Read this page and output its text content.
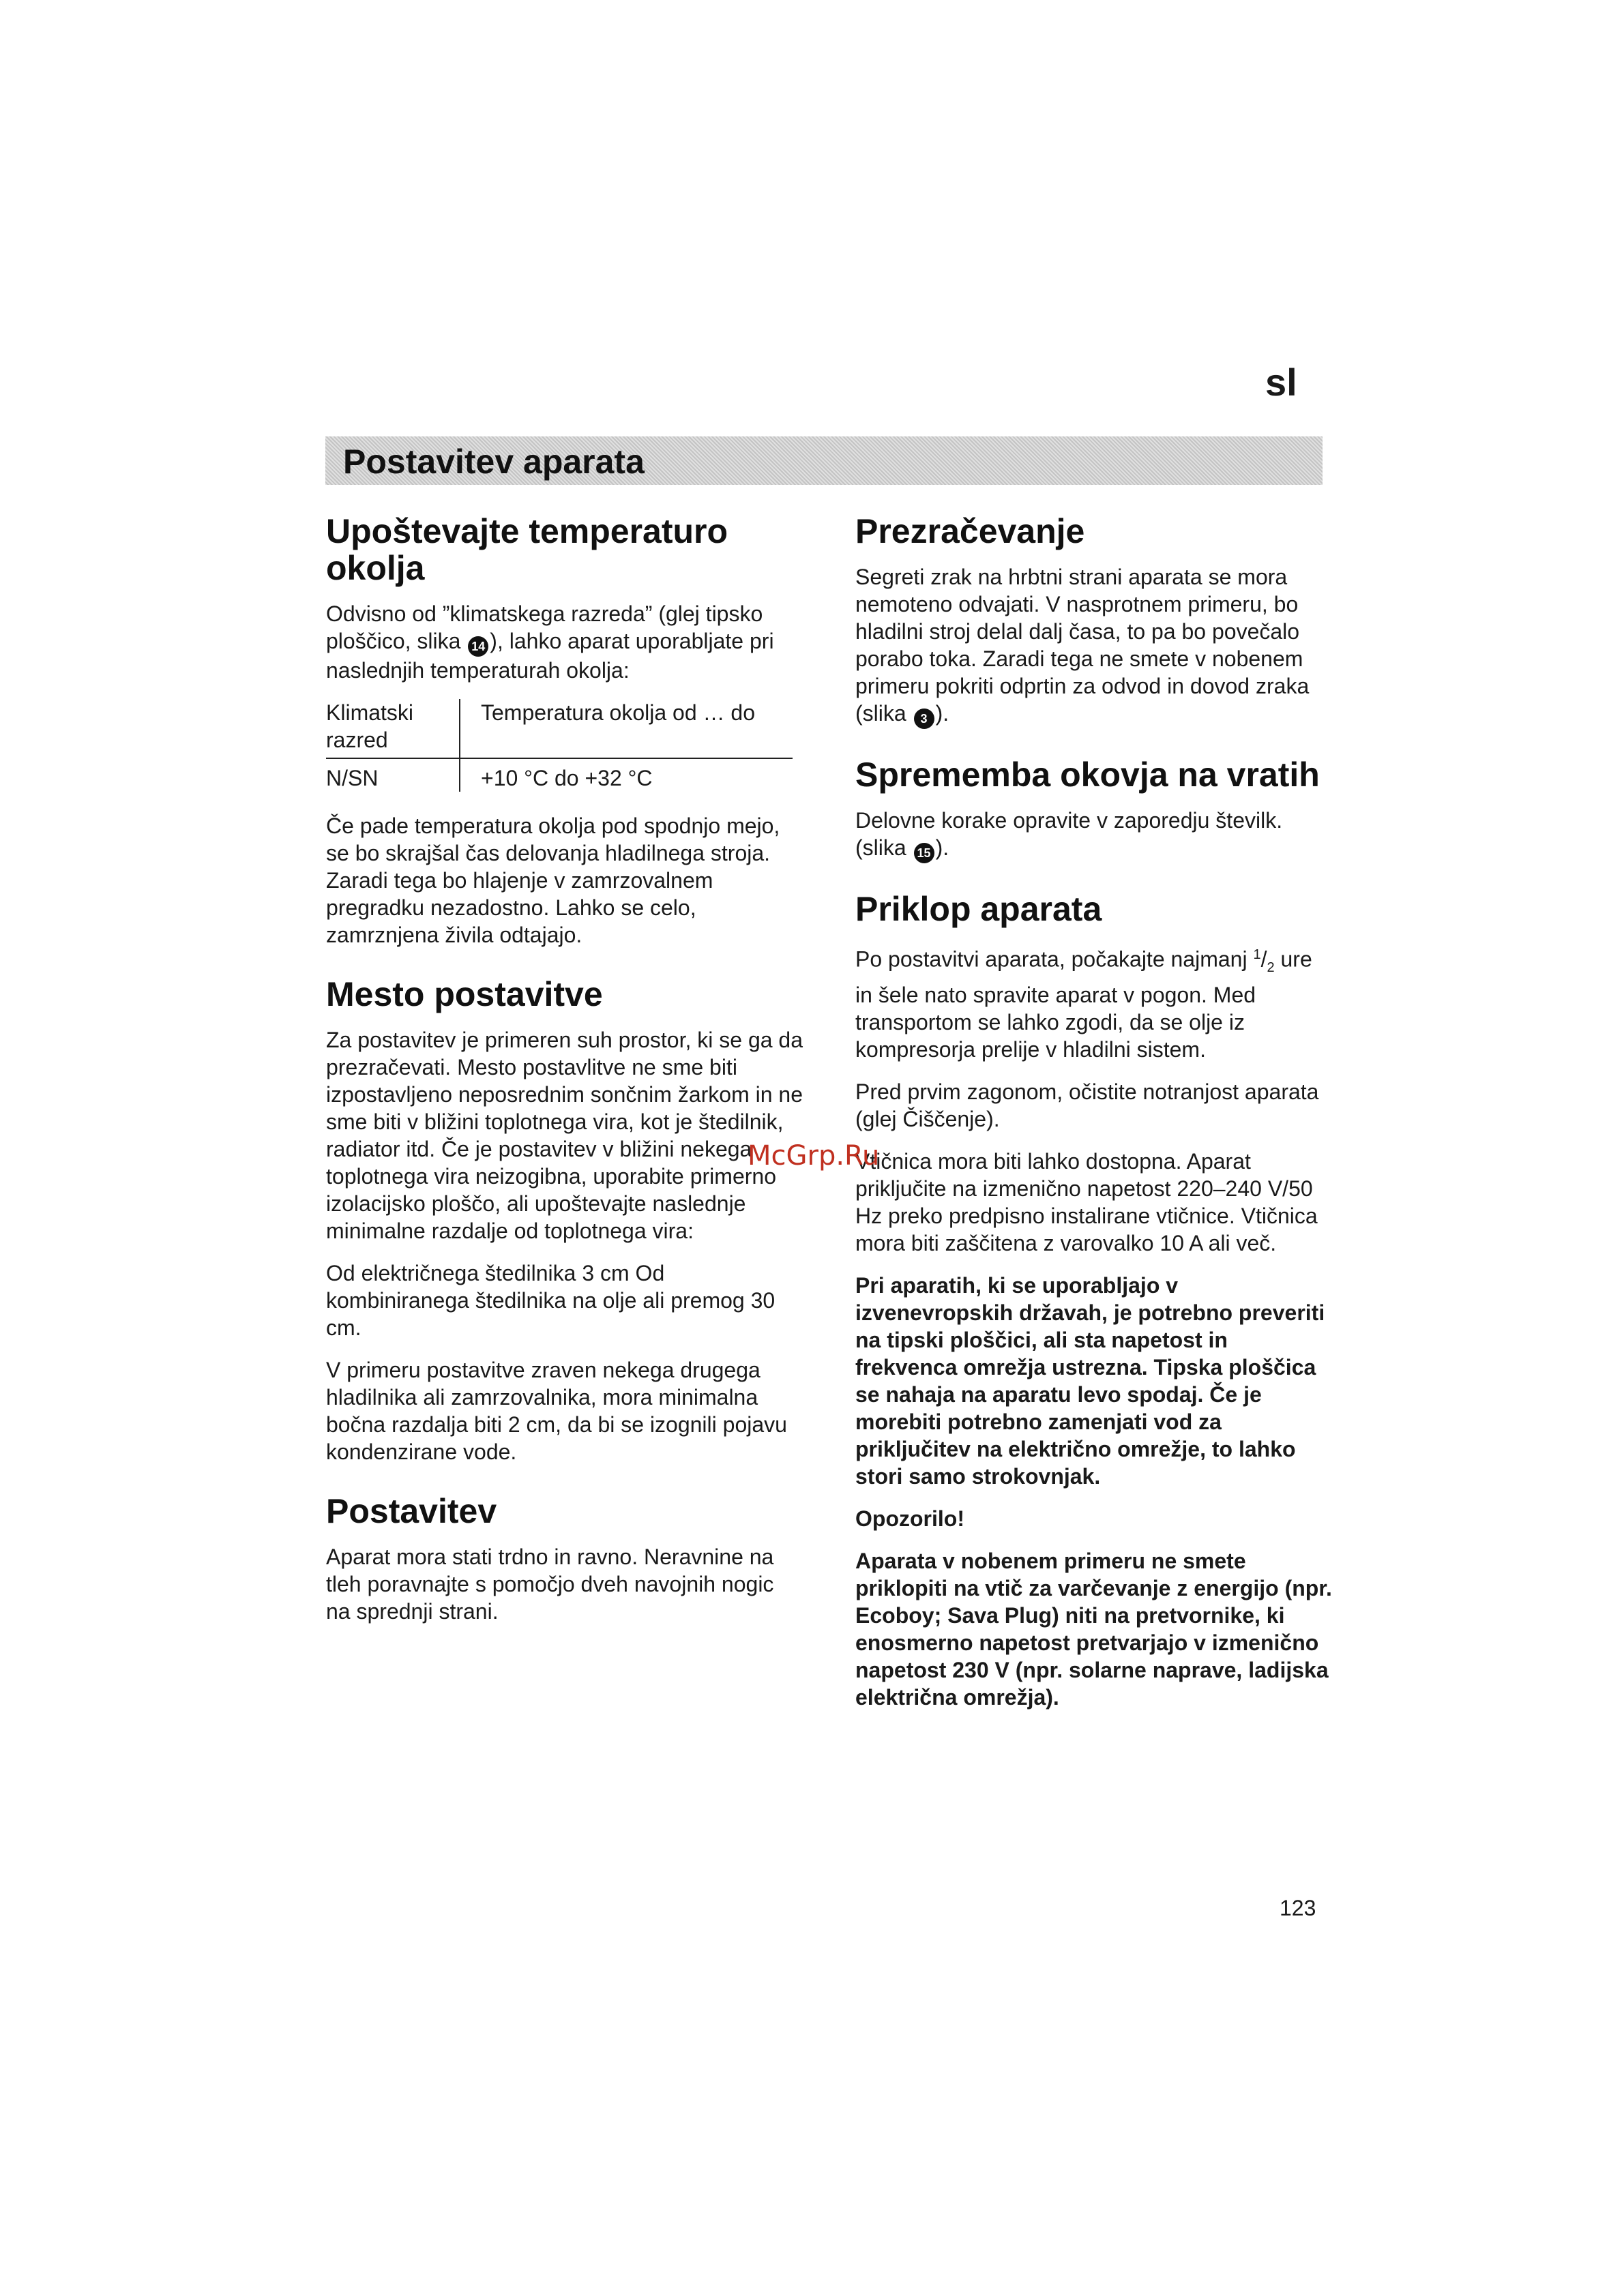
sl
Postavitev aparata
Upoštevajte temperaturo okolja

Odvisno od ”klimatskega razreda” (glej tipsko ploščico, slika 14 ), lahko aparat uporabljate pri naslednjih temperaturah okolja:

Klimatski razred	Temperatura okolja od … do
N/SN	+10 °C do +32 °C

Če pade temperatura okolja pod spodnjo mejo, se bo skrajšal čas delovanja hladilnega stroja. Zaradi tega bo hlajenje v zamrzovalnem pregradku nezadostno. Lahko se celo, zamrznjena živila odtajajo.

Mesto postavitve

Za postavitev je primeren suh prostor, ki se ga da prezračevati. Mesto postavlitve ne sme biti izpostavljeno neposrednim sončnim žarkom in ne sme biti v bližini toplotnega vira, kot je štedilnik, radiator itd. Če je postavitev v bližini nekega toplotnega vira neizogibna, uporabite primerno izolacijsko ploščo, ali upoštevajte naslednje minimalne razdalje od toplotnega vira:

Od električnega štedilnika 3 cm Od kombiniranega štedilnika na olje ali premog 30 cm.

V primeru postavitve zraven nekega drugega hladilnika ali zamrzovalnika, mora minimalna bočna razdalja biti 2 cm, da bi se izognili pojavu kondenzirane vode.

Postavitev

Aparat mora stati trdno in ravno. Neravnine na tleh poravnajte s pomočjo dveh navojnih nogic na sprednji strani.

Prezračevanje

Segreti zrak na hrbtni strani aparata se mora nemoteno odvajati. V nasprotnem primeru, bo hladilni stroj delal dalj časa, to pa bo povečalo porabo toka. Zaradi tega ne smete v nobenem primeru pokriti odprtin za odvod in dovod zraka (slika 3 ).

Sprememba okovja na vratih

Delovne korake opravite v zaporedju številk. (slika 15 ).

Priklop aparata

Po postavitvi aparata, počakajte najmanj $^1/_2$ ure in šele nato spravite aparat v pogon. Med transportom se lahko zgodi, da se olje iz kompresorja prelije v hladilni sistem.

Pred prvim zagonom, očistite notranjost aparata (glej Čiščenje).

Vtičnica mora biti lahko dostopna. Aparat priključite na izmenično napetost 220–240 V/50 Hz preko predpisno instalirane vtičnice. Vtičnica mora biti zaščitena z varovalko 10 A ali več.

Pri aparatih, ki se uporabljajo v izvenevropskih državah, je potrebno preveriti na tipski ploščici, ali sta napetost in frekvenca omrežja ustrezna. Tipska ploščica se nahaja na aparatu levo spodaj. Če je morebiti potrebno zamenjati vod za priključitev na električno omrežje, to lahko stori samo strokovnjak.

Opozorilo!

Aparata v nobenem primeru ne smete priklopiti na vtič za varčevanje z energijo (npr. Ecoboy; Sava Plug) niti na pretvornike, ki enosmerno napetost pretvarjajo v izmenično napetost 230 V (npr. solarne naprave, ladijska električna omrežja).

McGrp.Ru
123
